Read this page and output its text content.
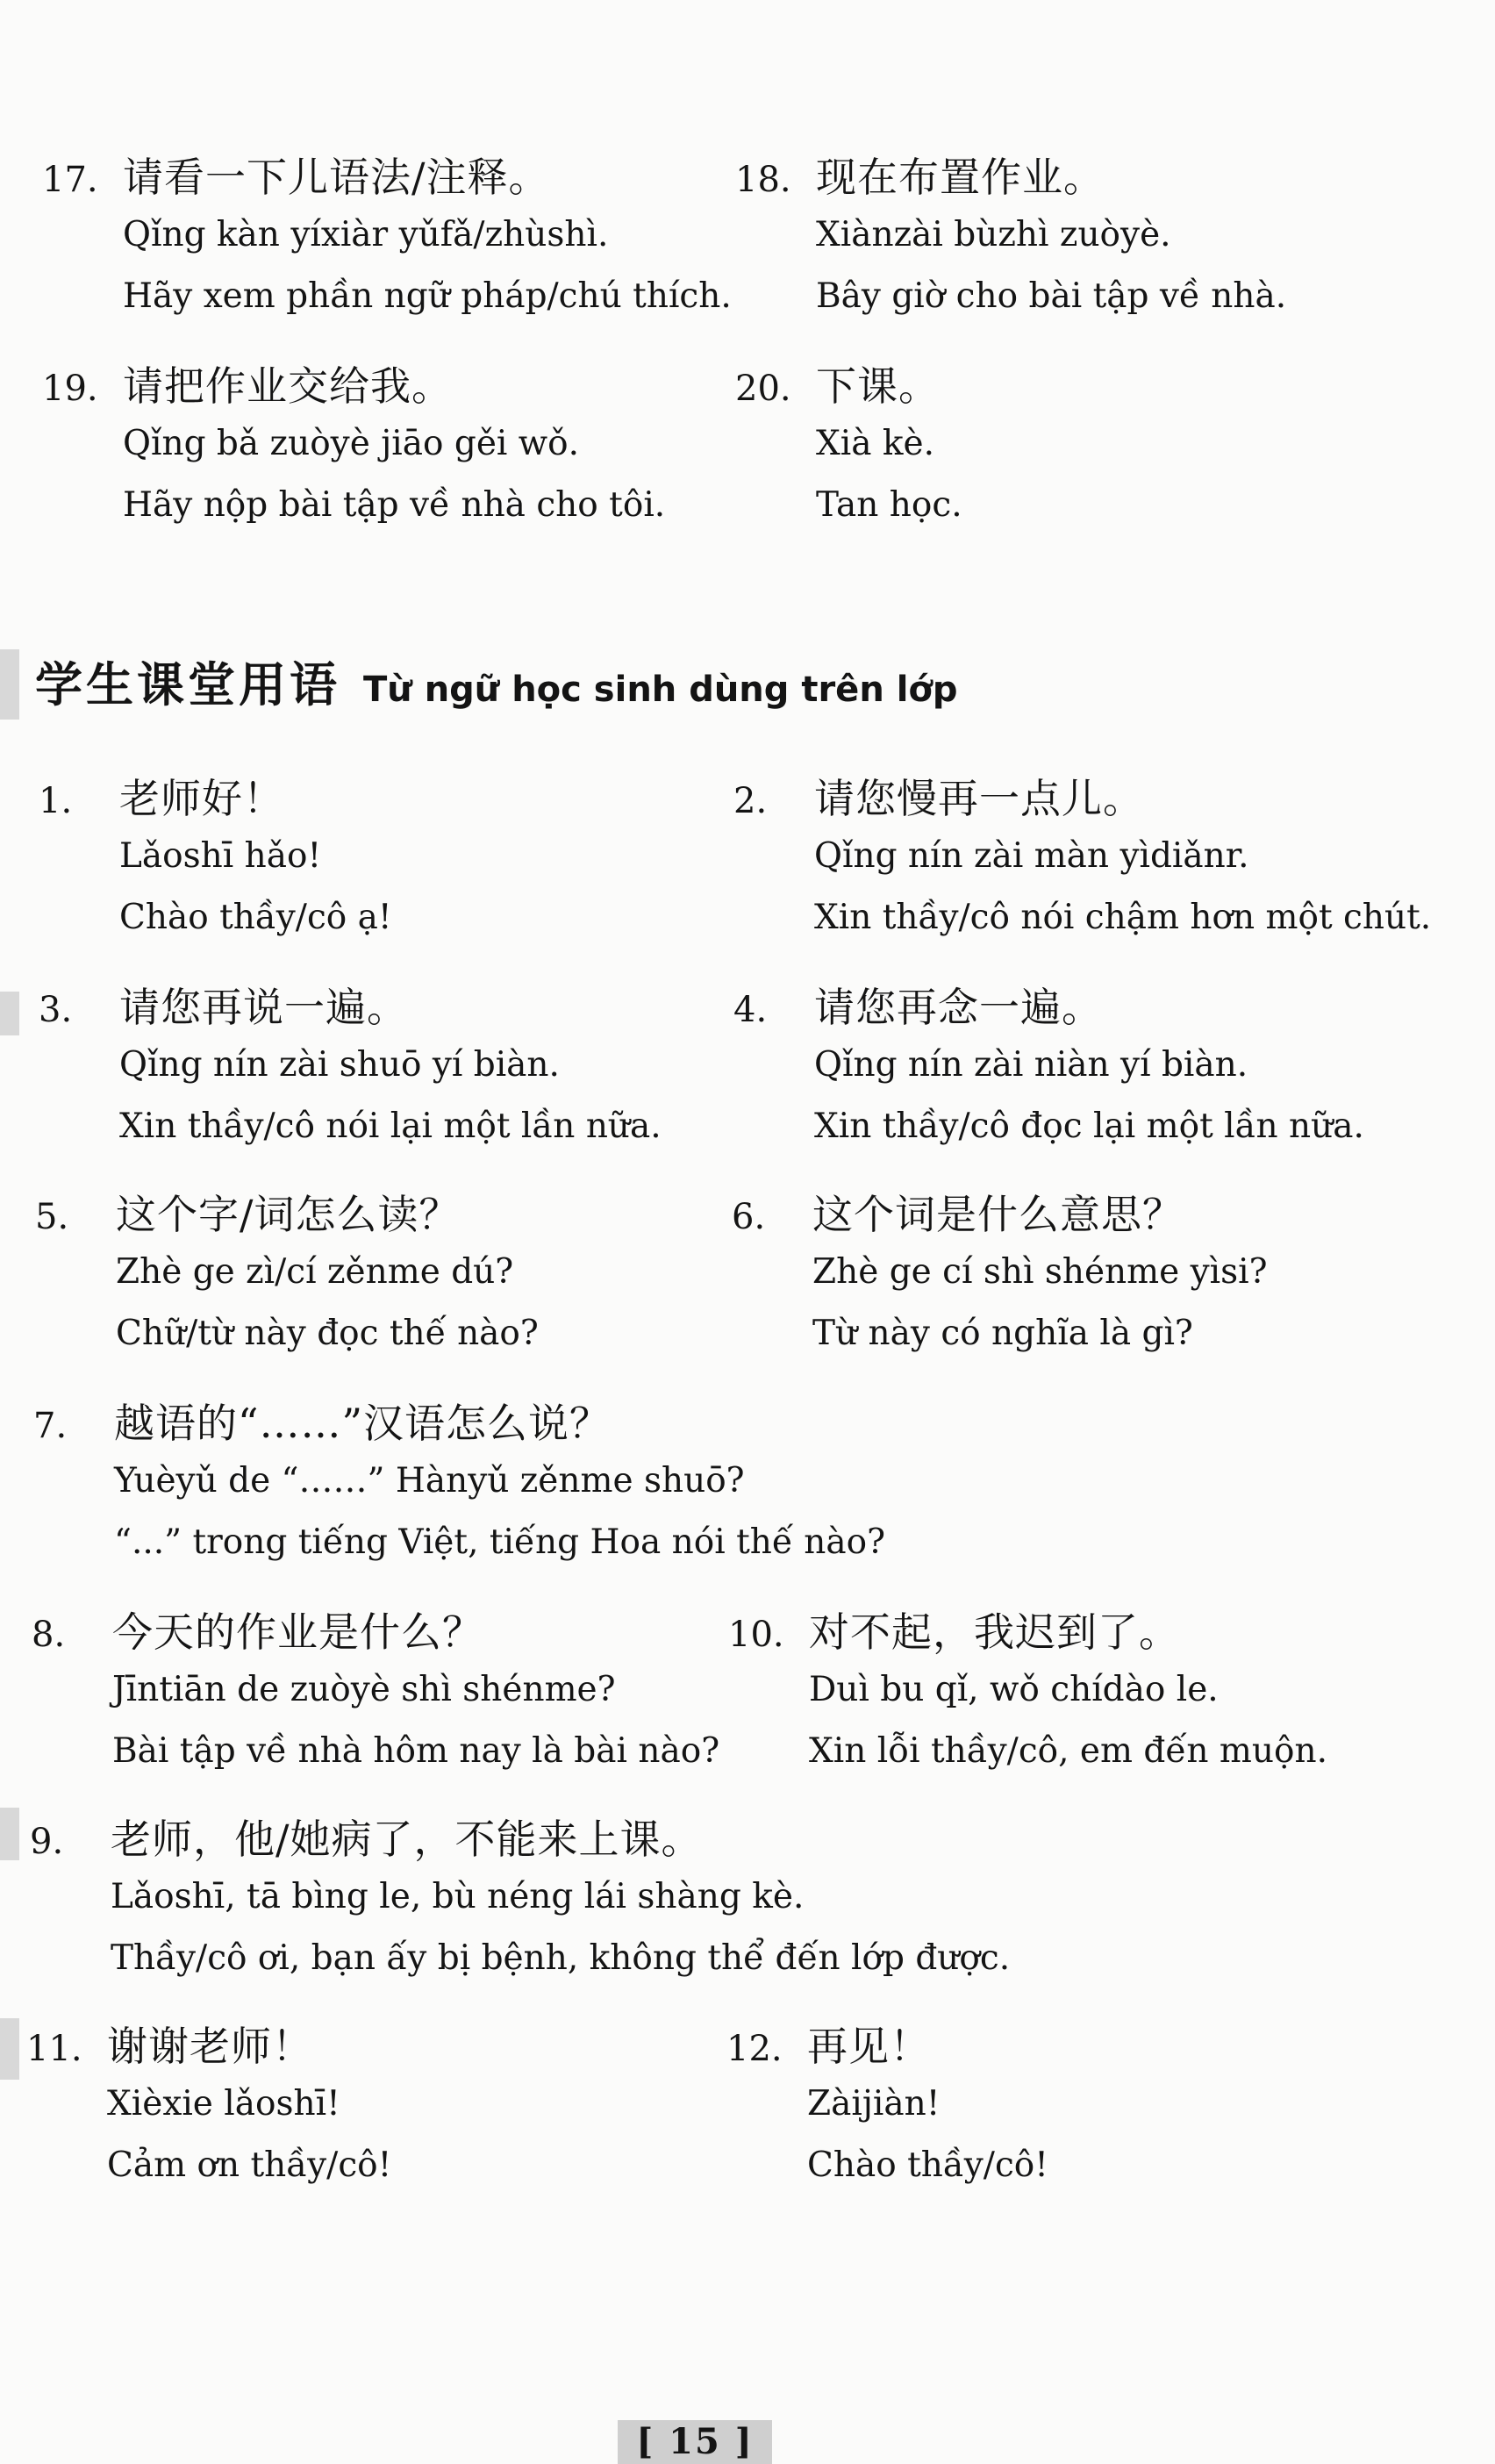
17. 请看一下儿语法/注释。
Qǐng kàn yíxiàr yǔfǎ/zhùshì.
Hãy xem phần ngữ pháp/chú thích.
18. 现在布置作业。
Xiànzài bùzhì zuòyè.
Bây giờ cho bài tập về nhà.
19. 请把作业交给我。
Qǐng bǎ zuòyè jiāo gěi wǒ.
Hãy nộp bài tập về nhà cho tôi.
20. 下课。
Xià kè.
Tan học.
学生课堂用语 Từ ngữ học sinh dùng trên lớp
1.	老师好！
Lǎoshī hǎo!
Chào thầy/cô ạ!
2.	请您慢再一点儿。
Qǐng nín zài màn yìdiǎnr.
Xin thầy/cô nói chậm hơn một chút.
3.	请您再说一遍。
Qǐng nín zài shuō yí biàn.
Xin thầy/cô nói lại một lần nữa.
4.	请您再念一遍。
Qǐng nín zài niàn yí biàn.
Xin thầy/cô đọc lại một lần nữa.
5.	这个字/词怎么读？
Zhè ge zì/cí zěnme dú?
Chữ/từ này đọc thế nào?
6.	这个词是什么意思？
Zhè ge cí shì shénme yìsi?
Từ này có nghĩa là gì?
7.	越语的“……”汉语怎么说？
Yuèyǔ de “……” Hànyǔ zěnme shuō?
“...” trong tiếng Việt, tiếng Hoa nói thế nào?
8.	今天的作业是什么？
Jīntiān de zuòyè shì shénme?
Bài tập về nhà hôm nay là bài nào?
10. 对不起，我迟到了。
Duì bu qǐ, wǒ chídào le.
Xin lỗi thầy/cô, em đến muộn.
9.	老师，他/她病了，不能来上课。
Lǎoshī, tā bìng le, bù néng lái shàng kè.
Thầy/cô ơi, bạn ấy bị bệnh, không thể đến lớp được.
11. 谢谢老师！
Xièxie lǎoshī!
Cảm ơn thầy/cô!
12. 再见！
Zàijiàn!
Chào thầy/cô!
[ 15 ]
